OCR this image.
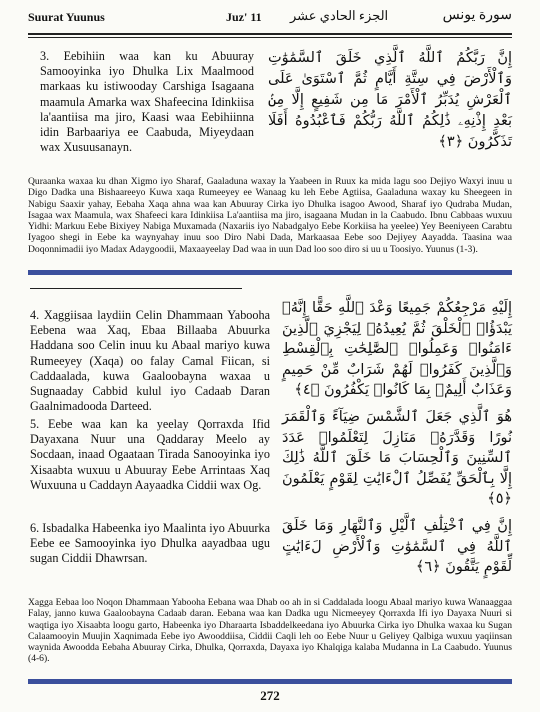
Suurat Yuunus	Juz' 11 الجزء الحادي عشر	سورة يونس
3. Eebihiin waa kan ku Abuuray Samooyinka iyo Dhulka Lix Maalmood markaas ku istiwooday Carshiga Isagaana maamula Amarka wax Shafeecina Idinkiisa la'aantiisa ma jiro, Kaasi waa Eebihiinna idin Barbaariya ee Caabuda, Miyeydaan wax Xusuusanayn.
إِنَّ رَبَّكُمُ ٱللَّهُ ٱلَّذِي خَلَقَ ٱلسَّمَٰوَٰتِ وَٱلْأَرْضَ فِي سِتَّةِ أَيَّامٍ ثُمَّ ٱسْتَوَىٰ عَلَى ٱلْعَرْشِ يُدَبِّرُ ٱلْأَمْرَ مَا مِن شَفِيعٍ إِلَّا مِنۢ بَعْدِ إِذْنِهِۦ ذَٰلِكُمُ ٱللَّهُ رَبُّكُمْ فَٱعْبُدُوهُ أَفَلَا تَذَكَّرُونَ ﴿٣﴾
Quraanka waxaa ku dhan Xigmo iyo Sharaf, Gaaladuna waxay la Yaabeen in Ruux ka mida lagu soo Dejiyo Waxyi inuu u Digo Dadka una Bishaareeyo Kuwa xaqa Rumeeyey ee Wanaag ku leh Eebe Agtiisa, Gaaladuna waxay ku Sheegeen in Nabigu Saaxir yahay, Eebaha Xaqa ahna waa kan Abuuray Cirka iyo Dhulka isagoo Awood, Sharaf iyo Qudraba Mudan, Isagaa wax Maamula, wax Shafeeci kara Idinkiisa La'aantiisa ma jiro, isagaana Mudan in la Caabudo. Ibnu Cabbaas wuxuu Yidhi: Markuu Eebe Bixiyey Nabiga Muxamada (Naxariis iyo Nabadgalyo Eebe Korkiisa ha yeelee) Yey Beeniyeen Carabtu Iyagoo shegi in Eebe ka waynyahay inuu soo Diro Nabi Dada, Markaasaa Eebe soo Dejiyey Aayadda. Taasina waa Doqonnimadii iyo Madax Adaygoodii, Maxaayeelay Dad waa in uun Dad loo soo diro si uu u Toosiyo. Yuunus (1-3).
4. Xaggiisaa laydiin Celin Dhammaan Yabooha Eebena waa Xaq, Ebaa Billaaba Abuurka Haddana soo Celin inuu ku Abaal mariyo kuwa Rumeeyey (Xaqa) oo falay Camal Fiican, si Caddaalada, kuwa Gaaloobayna waxaa u Sugnaaday Cabbid kulul iyo Cadaab Daran Gaalnimadooda Darteed.
5. Eebe waa kan ka yeelay Qorraxda Ifid Dayaxana Nuur una Qaddaray Meelo ay Socdaan, inaad Ogaataan Tirada Sanooyinka iyo Xisaabta wuxuu u Abuuray Eebe Arrintaas Xaq Wuxuuna u Caddayn Aayaadka Ciddii wax Og.
6. Isbadalka Habeenka iyo Maalinta iyo Abuurka Eebe ee Samooyinka iyo Dhulka aayadbaa ugu sugan Ciddii Dhawrsan.
إِلَيْهِ مَرْجِعُكُمْ جَمِيعًا وَعْدَ ٱللَّهِ حَقًّا إِنَّهُۥ يَبْدَؤُا۟ ٱلْخَلْقَ ثُمَّ يُعِيدُهُۥ لِيَجْزِيَ ٱلَّذِينَ ءَامَنُوا۟ وَعَمِلُوا۟ ٱلصَّٰلِحَٰتِ بِٱلْقِسْطِ وَٱلَّذِينَ كَفَرُوا۟ لَهُمْ شَرَابٌ مِّنْ حَمِيمٍ وَعَذَابٌ أَلِيمٌۢ بِمَا كَانُوا۟ يَكْفُرُونَ ﴿٤﴾
هُوَ ٱلَّذِي جَعَلَ ٱلشَّمْسَ ضِيَآءً وَٱلْقَمَرَ نُورًا وَقَدَّرَهُۥ مَنَازِلَ لِتَعْلَمُوا۟ عَدَدَ ٱلسِّنِينَ وَٱلْحِسَابَ مَا خَلَقَ ٱللَّهُ ذَٰلِكَ إِلَّا بِٱلْحَقِّ يُفَصِّلُ ٱلْءَايَٰتِ لِقَوْمٍ يَعْلَمُونَ ﴿٥﴾
إِنَّ فِي ٱخْتِلَٰفِ ٱلَّيْلِ وَٱلنَّهَارِ وَمَا خَلَقَ ٱللَّهُ فِي ٱلسَّمَٰوَٰتِ وَٱلْأَرْضِ لَءَايَٰتٍ لِّقَوْمٍ يَتَّقُونَ ﴿٦﴾
Xagga Eebaa loo Noqon Dhammaan Yabooha Eebana waa Dhab oo ah in si Caddalada loogu Abaal mariyo kuwa Wanaaggaa Falay, janno kuwa Gaaloobayna Cadaab daran. Eebana waa kan Dadka ugu Nicmeeyey Qorraxda Ifi iyo Dayaxa Nuuri si waqtiga iyo Xisaabta loogu garto, Habeenka iyo Dharaarta Isbaddelkeedana iyo Abuurka Cirka iyo Dhulka waxaa ku Sugan Calaamooyin Muujin Xaqnimada Eebe iyo Awooddiisa, Ciddii Caqli leh oo Eebe Nuur u Geliyey Qalbiga wuxuu yaqiinsan waynida Awoodda Eebaha Abuuray Cirka, Dhulka, Qorraxda, Dayaxa iyo Khalqiga kalaba Mudanna in La Caabudo. Yuunus (4-6).
272
